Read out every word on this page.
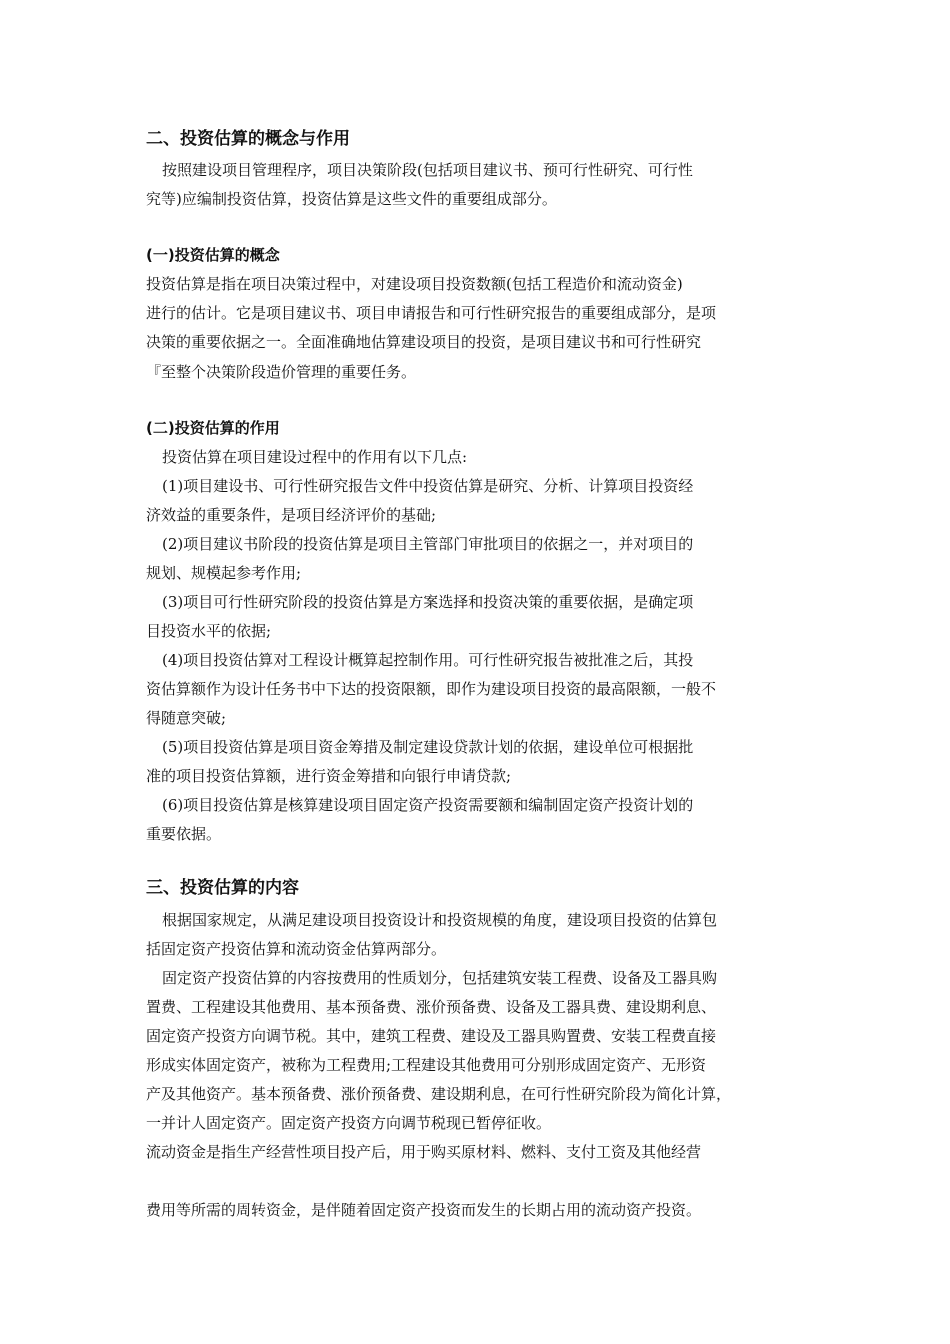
二、投资估算的概念与作用
按照建设项目管理程序，项目决策阶段(包括项目建议书、预可行性研究、可行性
究等)应编制投资估算，投资估算是这些文件的重要组成部分。
(一)投资估算的概念
投资估算是指在项目决策过程中，对建设项目投资数额(包括工程造价和流动资金)
进行的估计。它是项目建议书、项目申请报告和可行性研究报告的重要组成部分，是项
决策的重要依据之一。全面准确地估算建设项目的投资，是项目建议书和可行性研究
『至整个决策阶段造价管理的重要任务。
(二)投资估算的作用
投资估算在项目建设过程中的作用有以下几点:
(1)项目建设书、可行性研究报告文件中投资估算是研究、分析、计算项目投资经
济效益的重要条件，是项目经济评价的基础;
(2)项目建议书阶段的投资估算是项目主管部门审批项目的依据之一，并对项目的
规划、规模起参考作用;
(3)项目可行性研究阶段的投资估算是方案选择和投资决策的重要依据，是确定项
目投资水平的依据;
(4)项目投资估算对工程设计概算起控制作用。可行性研究报告被批准之后，其投
资估算额作为设计任务书中下达的投资限额，即作为建设项目投资的最高限额，一般不
得随意突破;
(5)项目投资估算是项目资金筹措及制定建设贷款计划的依据，建设单位可根据批
准的项目投资估算额，进行资金筹措和向银行申请贷款;
(6)项目投资估算是核算建设项目固定资产投资需要额和编制固定资产投资计划的
重要依据。
三、投资估算的内容
根据国家规定，从满足建设项目投资设计和投资规模的角度，建设项目投资的估算包
括固定资产投资估算和流动资金估算两部分。
固定资产投资估算的内容按费用的性质划分，包括建筑安装工程费、设备及工器具购
置费、工程建设其他费用、基本预备费、涨价预备费、设备及工器具费、建设期利息、
固定资产投资方向调节税。其中，建筑工程费、建设及工器具购置费、安装工程费直接
形成实体固定资产，被称为工程费用;工程建设其他费用可分别形成固定资产、无形资
产及其他资产。基本预备费、涨价预备费、建设期利息，在可行性研究阶段为简化计算，
一并计人固定资产。固定资产投资方向调节税现已暂停征收。
流动资金是指生产经营性项目投产后，用于购买原材料、燃料、支付工资及其他经营
费用等所需的周转资金，是伴随着固定资产投资而发生的长期占用的流动资产投资。
